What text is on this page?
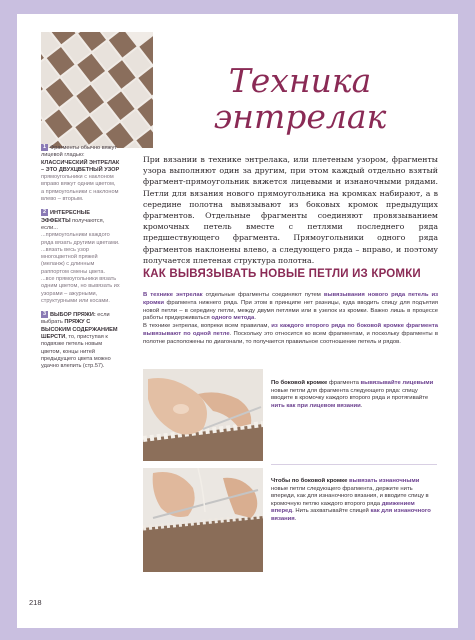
Техника
энтрелак

1 Фрагменты обычно вяжут лицевой гладью: КЛАССИЧЕСКИЙ ЭНТРЕЛАК – ЭТО ДВУХЦВЕТНЫЙ УЗОР
прямоугольники с наклоном вправо вяжут одним цветом,
а прямоугольники с наклоном влево – вторым.

2 ИНТЕРЕСНЫЕ ЭФФЕКТЫ получаются, если...
...прямоугольники каждого ряда вязать другими цветами.
...вязать весь узор многоцветной пряжей (меланж) с длинным раппортом смены цвета.
...все прямоугольники вязать одним цветом, но вывязать их узорами – ажурными, структурными или косами.

3 ВЫБОР ПРЯЖИ: если выбрать ПРЯЖУ С ВЫСОКИМ СОДЕРЖАНИЕМ ШЕРСТИ, то, приступая к подвязке петель новым цветом, концы нитей предыдущего цвета можно удачно влепить (стр.57).

При вязании в технике энтрелака, или плетеным узором, фрагменты узора выполняют один за другим, при этом каждый отдельно взятый фрагмент-прямоугольник вяжется лицевыми и изнаночными рядами. Петли для вязания нового прямоугольника на кромках набирают, а в середине полотна вывязывают из боковых кромок предыдущих фрагментов. Отдельные фрагменты соединяют провязыванием кромочных петель вместе с петлями последнего ряда предшествующего фрагмента. Прямоугольники одного ряда фрагментов наклонены влево, а следующего ряда – вправо, и поэтому получается плетеная структура полотна.
КАК ВЫВЯЗЫВАТЬ НОВЫЕ ПЕТЛИ ИЗ КРОМКИ

В технике энтрелак отдельные фрагменты соединяют путем вывязывания нового ряда петель из кромки фрагмента нижнего ряда. При этом в принципе нет разницы, куда вводить спицу для подъятия новой петли – в середину петли, между двумя петлями или в узелок из кромки. Важно лишь в процессе работы придерживаться одного метода.

В технике энтрелак, вопреки всем правилам, из каждого второго ряда по боковой кромке фрагмента вывязывают по одной петле. Поскольку это относится ко всем фрагментам, и поскольку фрагменты в полотне расположены по диагонали, то получается правильное соотношение петель и рядов.

По боковой кромке фрагмента вывязывайте лицевыми новые петли для фрагмента следующего ряда: спицу вводите в кромочку каждого второго ряда и протягивайте нить как при лицевом вязании.
Чтобы по боковой кромке вывязать изнаночными новые петли следующего фрагмента, держите нить впереди, как для изнаночного вязания, и вводите спицу в кромочную петлю каждого второго ряда движением вперед. Нить захватывайте спицей как для изнаночного вязания.
218
